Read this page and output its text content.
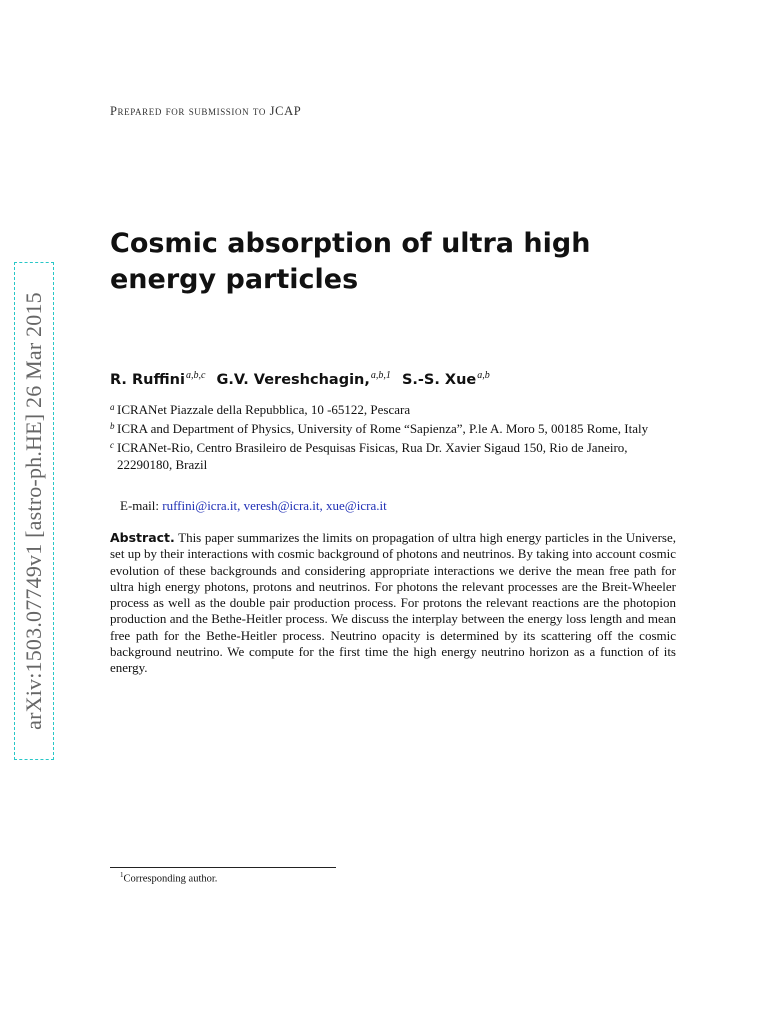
arXiv:1503.07749v1 [astro-ph.HE] 26 Mar 2015
Prepared for submission to JCAP
Cosmic absorption of ultra high energy particles
R. Ruffini$^{a,b,c}$ G.V. Vereshchagin,$^{a,b,1}$ S.-S. Xue$^{a,b}$
a ICRANet Piazzale della Repubblica, 10 -65122, Pescara
b ICRA and Department of Physics, University of Rome “Sapienza”, P.le A. Moro 5, 00185 Rome, Italy
c ICRANet-Rio, Centro Brasileiro de Pesquisas Fisicas, Rua Dr. Xavier Sigaud 150, Rio de Janeiro, 22290180, Brazil
E-mail: ruffini@icra.it, veresh@icra.it, xue@icra.it
Abstract. This paper summarizes the limits on propagation of ultra high energy particles in the Universe, set up by their interactions with cosmic background of photons and neutrinos. By taking into account cosmic evolution of these backgrounds and considering appropriate interactions we derive the mean free path for ultra high energy photons, protons and neutrinos. For photons the relevant processes are the Breit-Wheeler process as well as the double pair production process. For protons the relevant reactions are the photopion production and the Bethe-Heitler process. We discuss the interplay between the energy loss length and mean free path for the Bethe-Heitler process. Neutrino opacity is determined by its scattering off the cosmic background neutrino. We compute for the first time the high energy neutrino horizon as a function of its energy.
$^1$Corresponding author.
